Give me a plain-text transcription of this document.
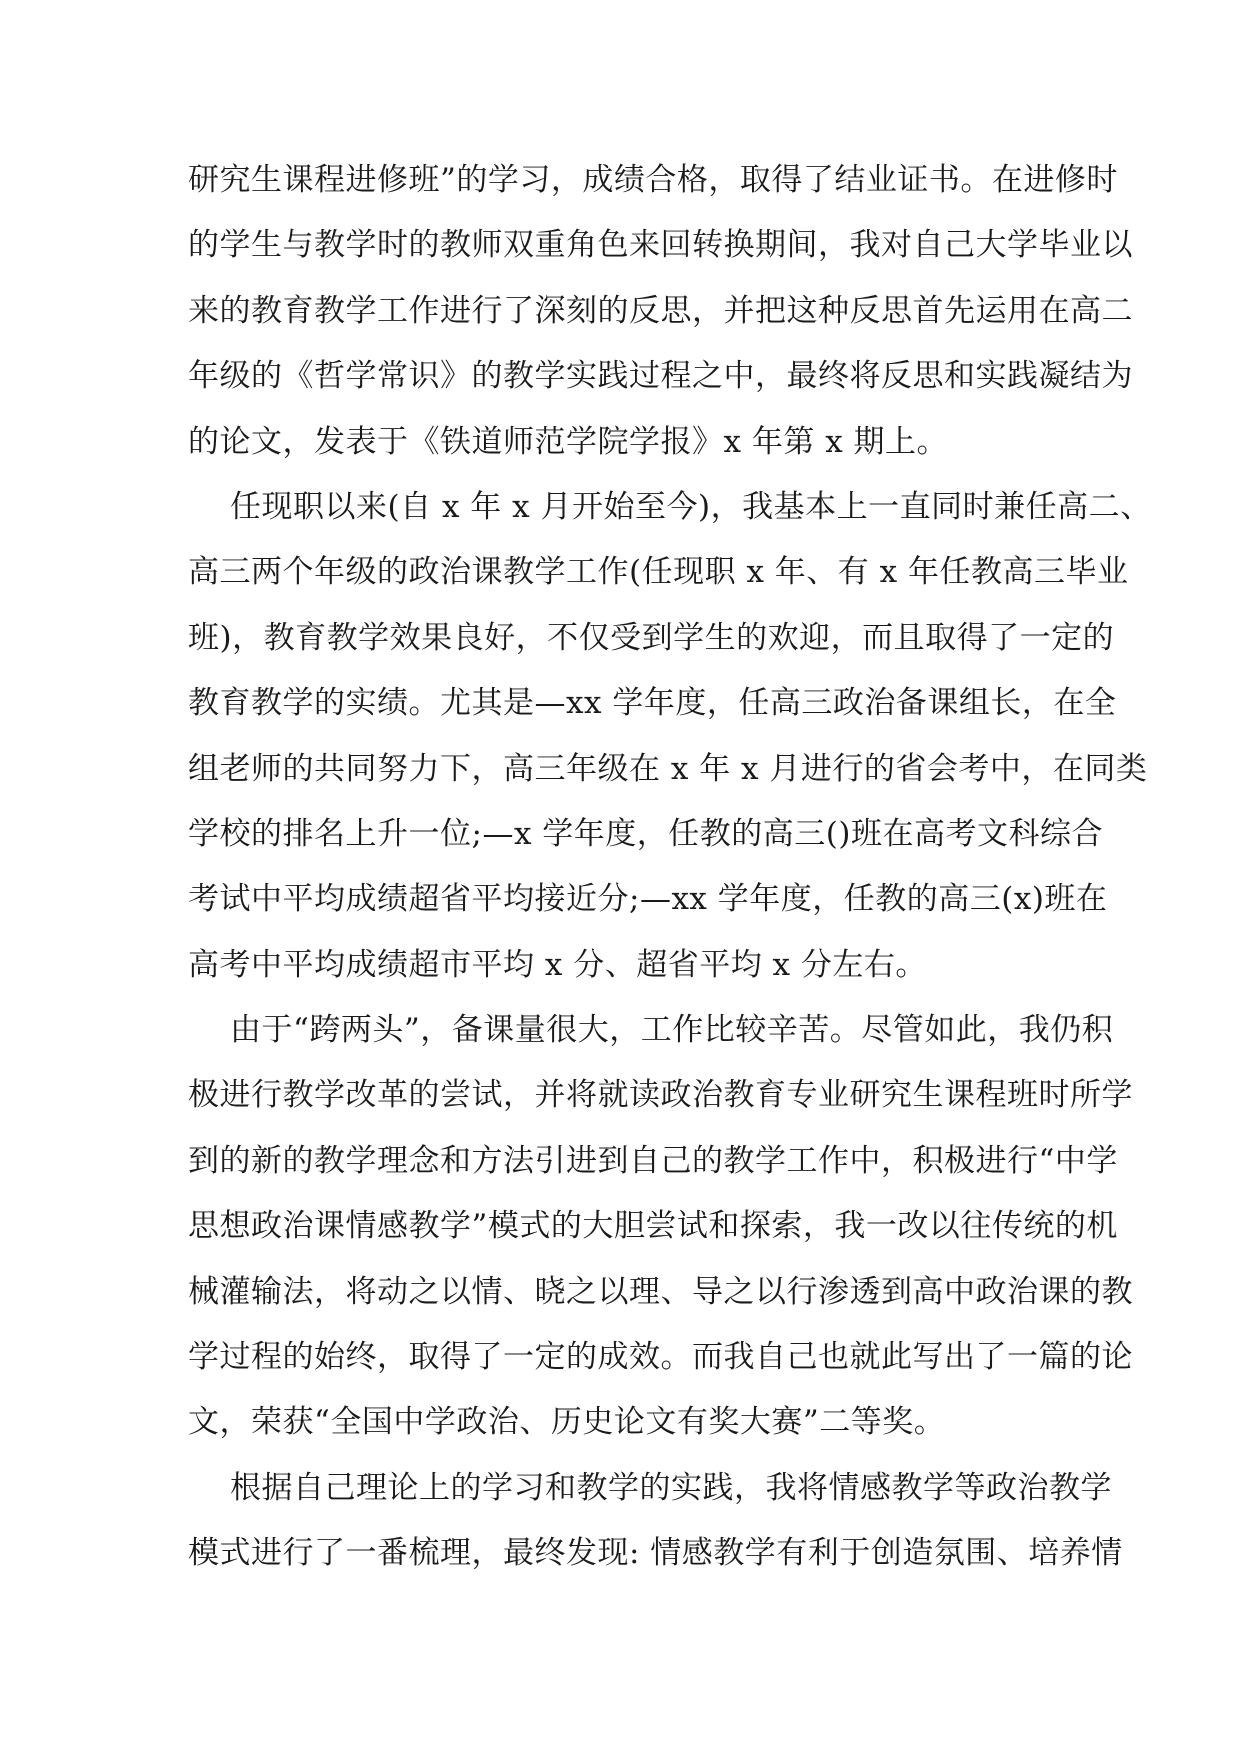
研究生课程进修班”的学习，成绩合格，取得了结业证书。在进修时
的学生与教学时的教师双重角色来回转换期间，我对自己大学毕业以
来的教育教学工作进行了深刻的反思，并把这种反思首先运用在高二
年级的《哲学常识》的教学实践过程之中，最终将反思和实践凝结为
的论文，发表于《铁道师范学院学报》x 年第 x 期上。
任现职以来(自 x 年 x 月开始至今)，我基本上一直同时兼任高二、
高三两个年级的政治课教学工作(任现职 x 年、有 x 年任教高三毕业
班)，教育教学效果良好，不仅受到学生的欢迎，而且取得了一定的
教育教学的实绩。尤其是—xx 学年度，任高三政治备课组长，在全
组老师的共同努力下，高三年级在 x 年 x 月进行的省会考中，在同类
学校的排名上升一位;—x 学年度，任教的高三()班在高考文科综合
考试中平均成绩超省平均接近分;—xx 学年度，任教的高三(x)班在
高考中平均成绩超市平均 x 分、超省平均 x 分左右。
由于“跨两头”，备课量很大，工作比较辛苦。尽管如此，我仍积
极进行教学改革的尝试，并将就读政治教育专业研究生课程班时所学
到的新的教学理念和方法引进到自己的教学工作中，积极进行“中学
思想政治课情感教学”模式的大胆尝试和探索，我一改以往传统的机
械灌输法，将动之以情、晓之以理、导之以行渗透到高中政治课的教
学过程的始终，取得了一定的成效。而我自己也就此写出了一篇的论
文，荣获“全国中学政治、历史论文有奖大赛”二等奖。
根据自己理论上的学习和教学的实践，我将情感教学等政治教学
模式进行了一番梳理，最终发现: 情感教学有利于创造氛围、培养情
